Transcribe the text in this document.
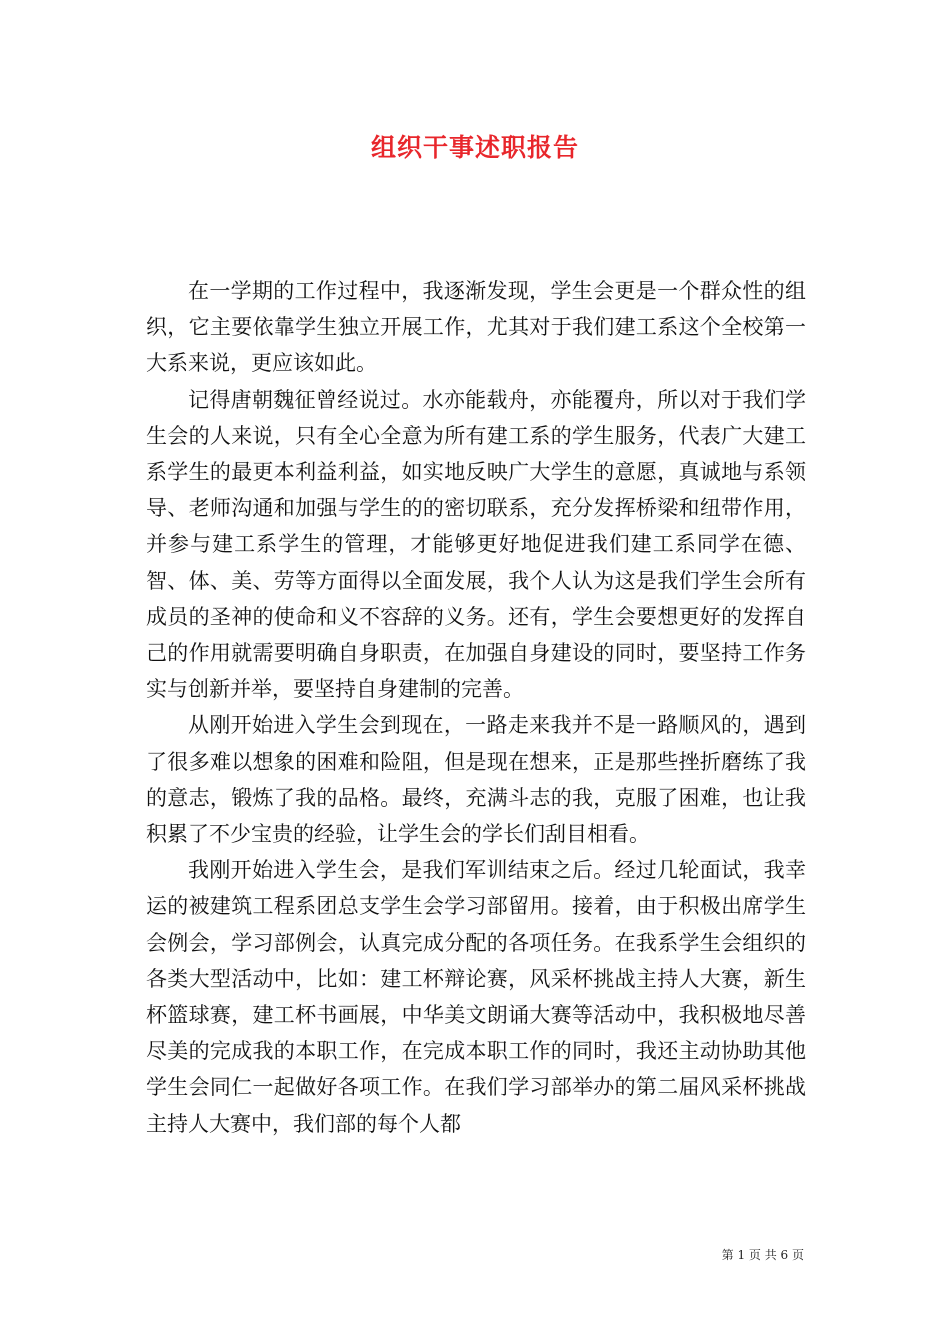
组织干事述职报告

在一学期的工作过程中，我逐渐发现，学生会更是一个群众性的组织，它主要依靠学生独立开展工作，尤其对于我们建工系这个全校第一大系来说，更应该如此。

记得唐朝魏征曾经说过。水亦能载舟，亦能覆舟，所以对于我们学生会的人来说，只有全心全意为所有建工系的学生服务，代表广大建工系学生的最更本利益利益，如实地反映广大学生的意愿，真诚地与系领导、老师沟通和加强与学生的的密切联系，充分发挥桥梁和纽带作用，并参与建工系学生的管理，才能够更好地促进我们建工系同学在德、智、体、美、劳等方面得以全面发展，我个人认为这是我们学生会所有成员的圣神的使命和义不容辞的义务。还有，学生会要想更好的发挥自己的作用就需要明确自身职责，在加强自身建设的同时，要坚持工作务实与创新并举，要坚持自身建制的完善。

从刚开始进入学生会到现在，一路走来我并不是一路顺风的，遇到了很多难以想象的困难和险阻，但是现在想来，正是那些挫折磨练了我的意志，锻炼了我的品格。最终，充满斗志的我，克服了困难，也让我积累了不少宝贵的经验，让学生会的学长们刮目相看。

我刚开始进入学生会，是我们军训结束之后。经过几轮面试，我幸运的被建筑工程系团总支学生会学习部留用。接着，由于积极出席学生会例会，学习部例会，认真完成分配的各项任务。在我系学生会组织的各类大型活动中，比如：建工杯辩论赛，风采杯挑战主持人大赛，新生杯篮球赛，建工杯书画展，中华美文朗诵大赛等活动中，我积极地尽善尽美的完成我的本职工作，在完成本职工作的同时，我还主动协助其他学生会同仁一起做好各项工作。在我们学习部举办的第二届风采杯挑战主持人大赛中，我们部的每个人都

第 1 页 共 6 页
